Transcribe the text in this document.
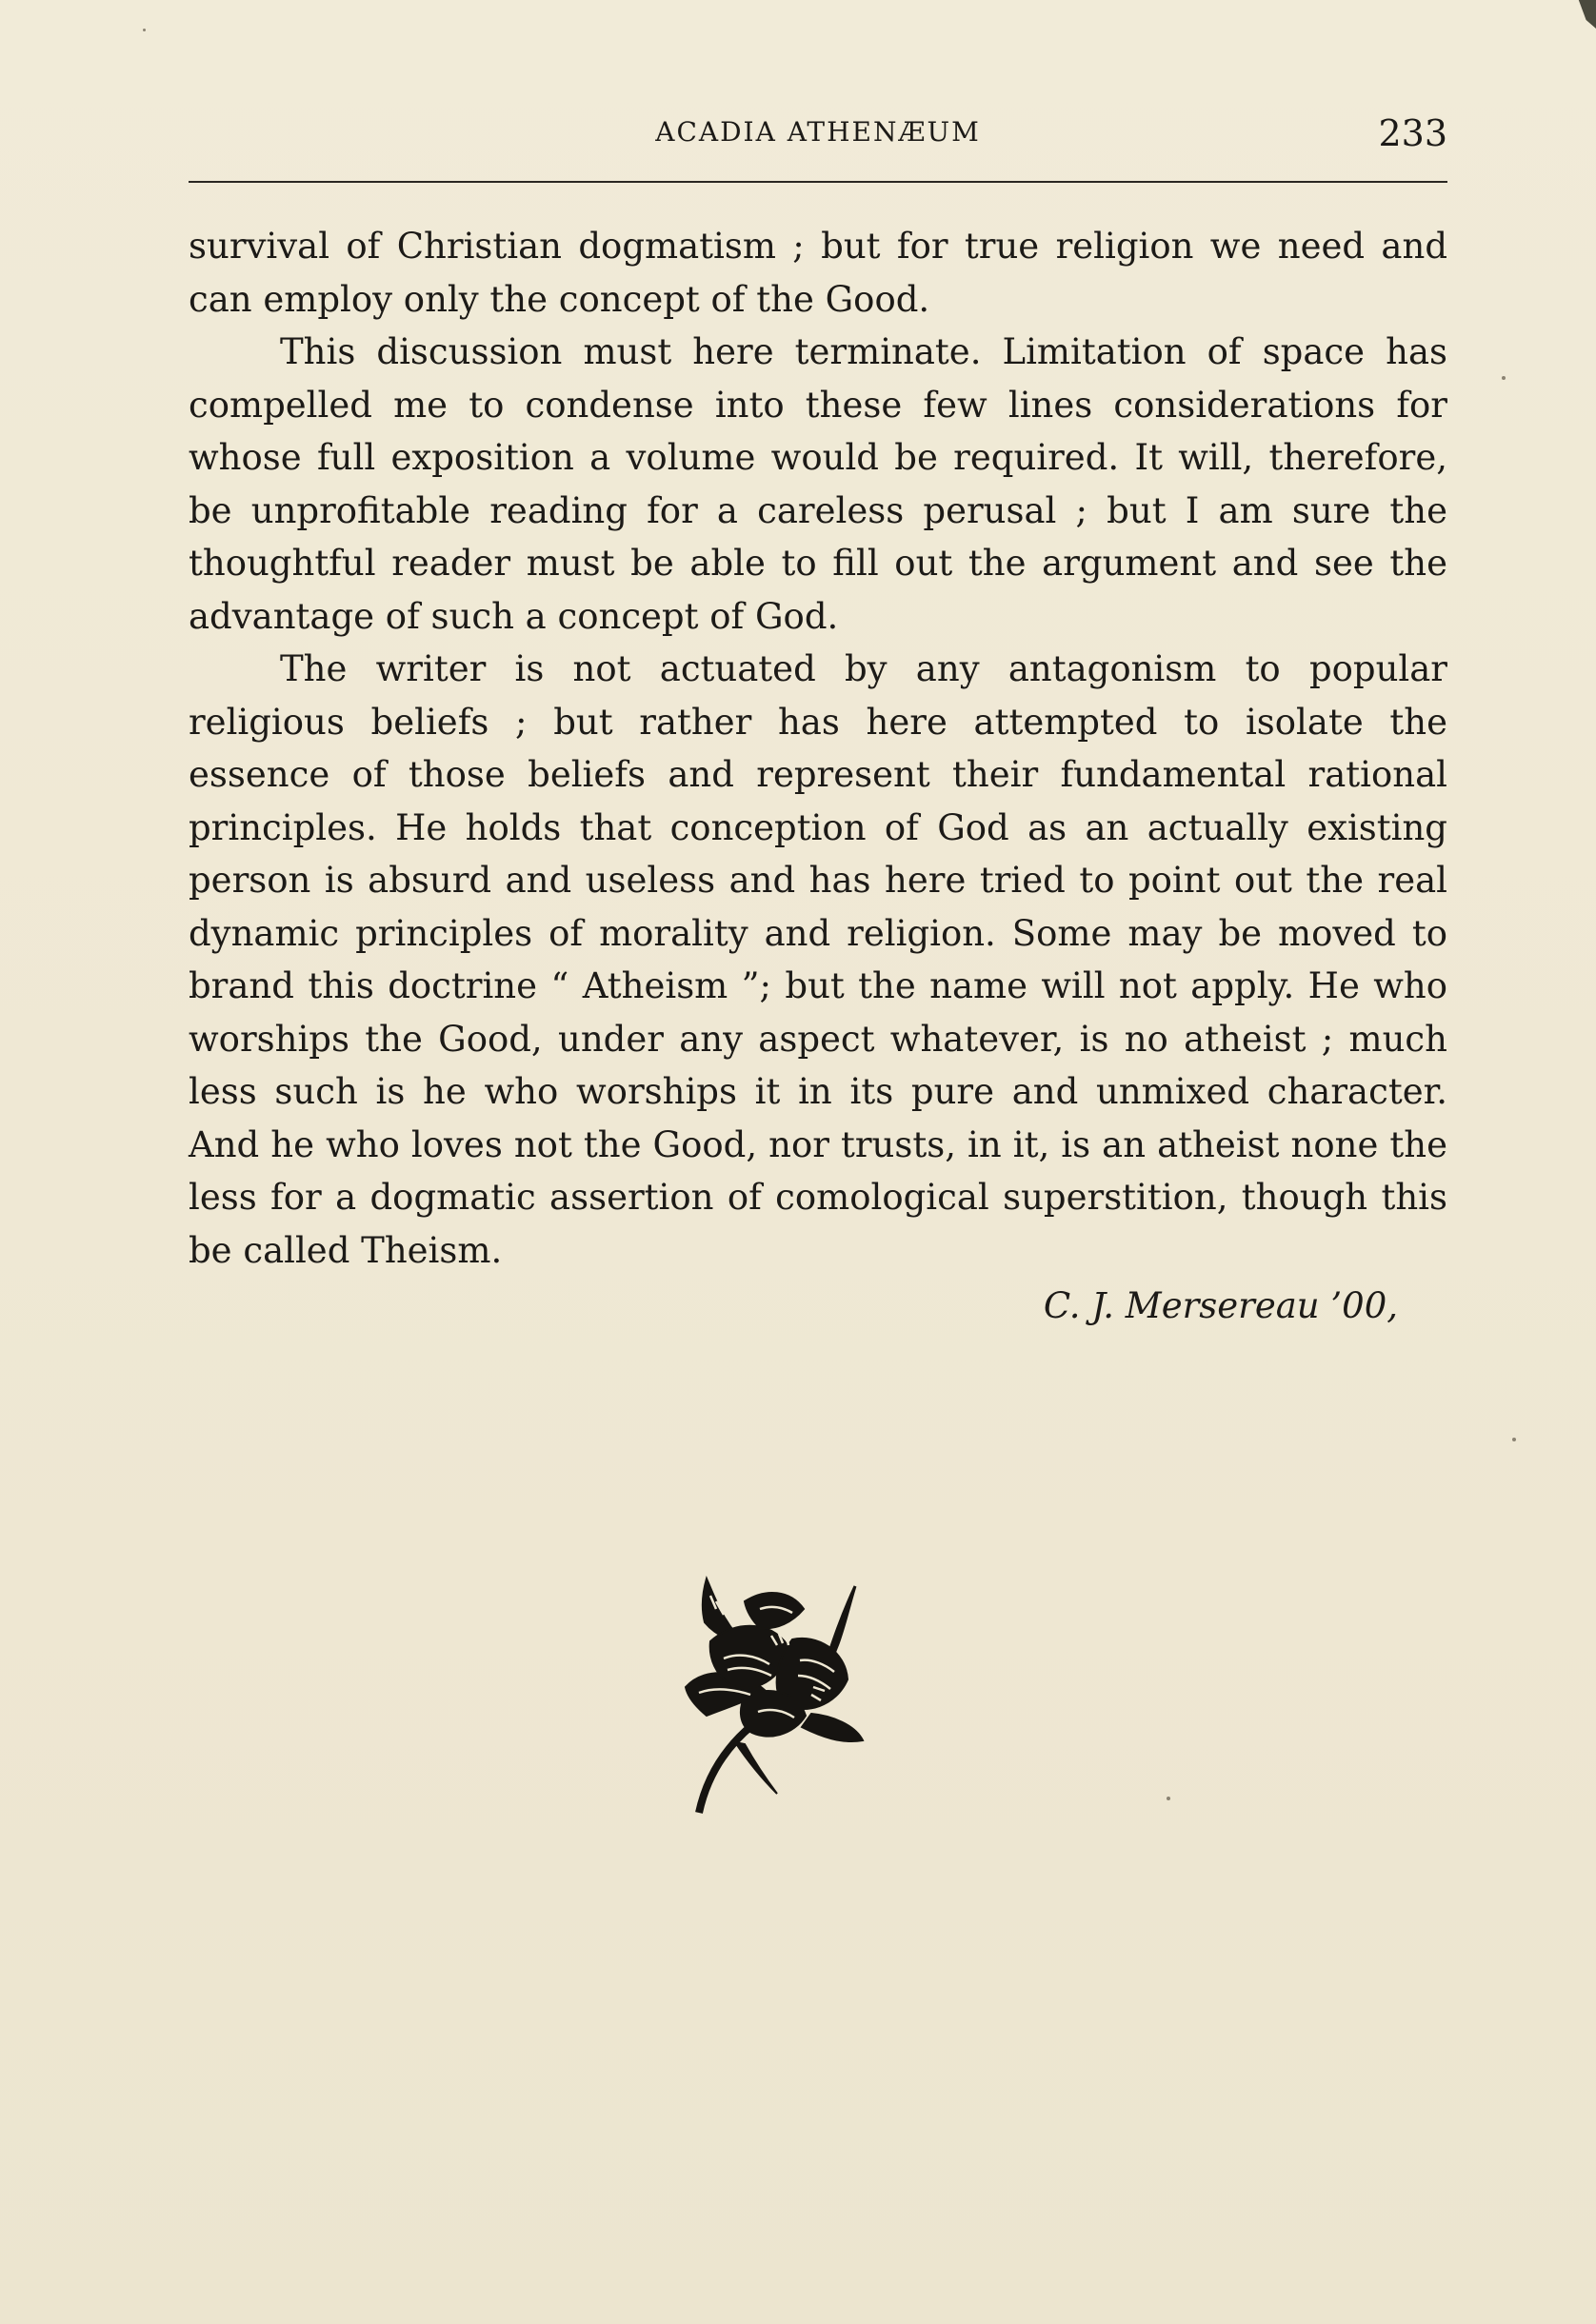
ACADIA ATHENÆUM	233

survival of Christian dogmatism ; but for true religion we need and can employ only the concept of the Good.

This discussion must here terminate. Limitation of space has compelled me to condense into these few lines considerations for whose full exposition a volume would be required. It will, therefore, be unprofitable reading for a careless perusal ; but I am sure the thoughtful reader must be able to fill out the argument and see the advantage of such a concept of God.

The writer is not actuated by any antagonism to popular religious beliefs ; but rather has here attempted to isolate the essence of those beliefs and represent their fundamental rational principles. He holds that conception of God as an actually existing person is absurd and useless and has here tried to point out the real dynamic principles of morality and religion. Some may be moved to brand this doctrine “ Atheism ”; but the name will not apply. He who worships the Good, under any aspect whatever, is no atheist ; much less such is he who worships it in its pure and unmixed character. And he who loves not the Good, nor trusts, in it, is an atheist none the less for a dogmatic assertion of comological superstition, though this be called Theism.

C. J. Mersereau ’00,
